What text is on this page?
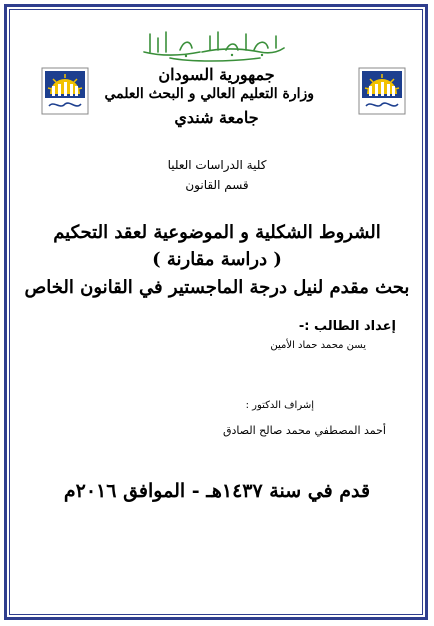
جمهورية السودان
وزارة التعليم العالي و البحث العلمي
جامعة شندي
كلية الدراسات العليا
قسم القانون
الشروط الشكلية و الموضوعية لعقد التحكيم
( دراسة مقارنة )
بحث مقدم لنيل درجة الماجستير في القانون الخاص
إعداد الطالب :-
يسن محمد حماد الأمين
إشراف الدكتور :
أحمد المصطفي محمد صالح الصادق
قدم في سنة ١٤٣٧هـ - الموافق ٢٠١٦م
